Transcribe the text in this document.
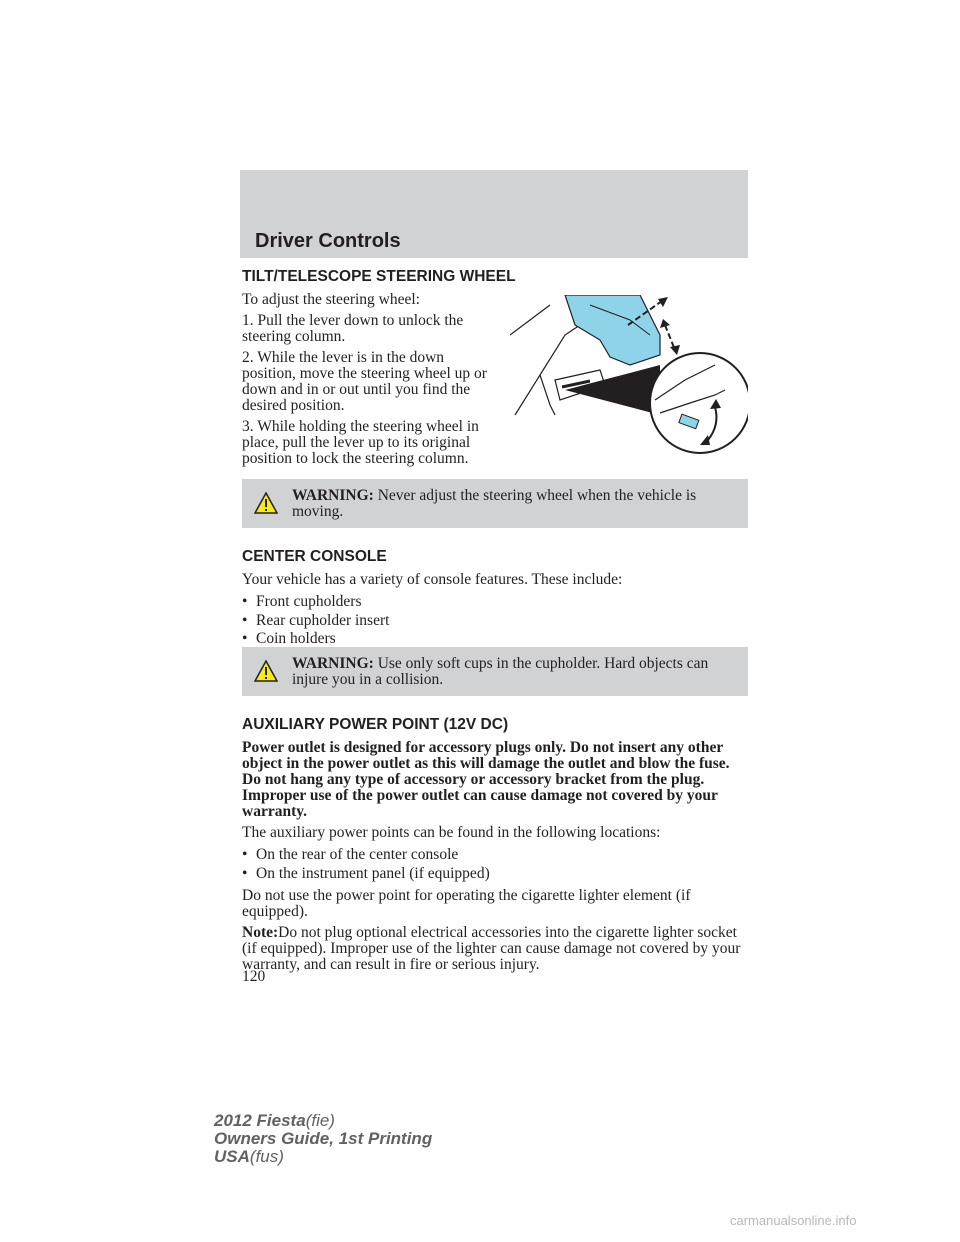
Driver Controls
TILT/TELESCOPE STEERING WHEEL

To adjust the steering wheel:

1. Pull the lever down to unlock the steering column.

2. While the lever is in the down position, move the steering wheel up or down and in or out until you find the desired position.

3. While holding the steering wheel in place, pull the lever up to its original position to lock the steering column.

WARNING: Never adjust the steering wheel when the vehicle is moving.
CENTER CONSOLE

Your vehicle has a variety of console features. These include:

• Front cupholders
• Rear cupholder insert
• Coin holders
WARNING: Use only soft cups in the cupholder. Hard objects can injure you in a collision.
AUXILIARY POWER POINT (12V DC)

Power outlet is designed for accessory plugs only. Do not insert any other object in the power outlet as this will damage the outlet and blow the fuse. Do not hang any type of accessory or accessory bracket from the plug. Improper use of the power outlet can cause damage not covered by your warranty.

The auxiliary power points can be found in the following locations:

• On the rear of the center console
• On the instrument panel (if equipped)

Do not use the power point for operating the cigarette lighter element (if equipped).

Note:Do not plug optional electrical accessories into the cigarette lighter socket (if equipped). Improper use of the lighter can cause damage not covered by your warranty, and can result in fire or serious injury.

120
2012 Fiesta(fie)
Owners Guide, 1st Printing
USA(fus)
carmanualsonline.info
